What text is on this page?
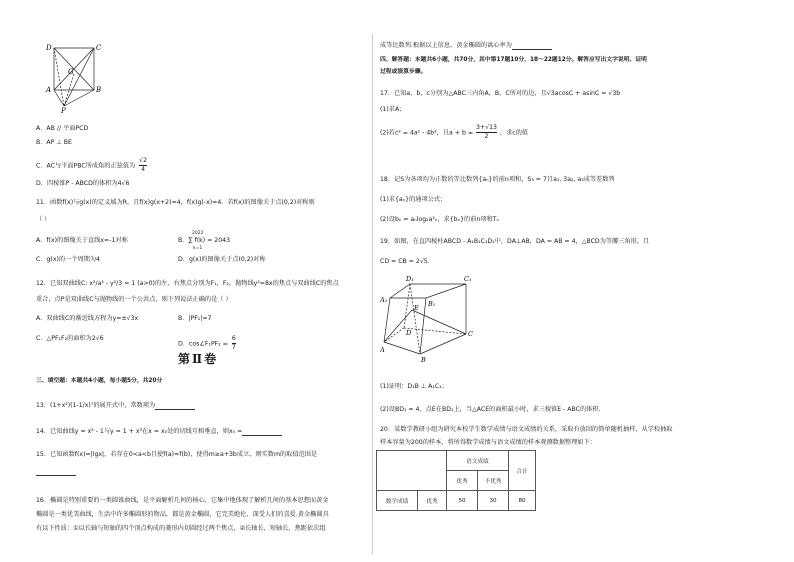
D	C
G
A	B
P
A．AB // 平面PCD
B．AP ⊥ BE
C．AC与平面PBC所成角的正弦值为 $\frac{√2}{4}$
D．四棱锥P - ABCD的体积为4√6
11．函数f(x)与g(x)的定义域为R，且f(x)g(x+2)=4，f(x)g(-x)=4．若f(x)的图像关于点(0,2)对称则
（ ）
A．f(x)的图像关于直线x=-1对称	B．∑ f(k) = 2043
2022
k=1
C．g(x)的一个周期为4	D．g(x)的图像关于点(0,2)对称
12．已知双曲线C: x²/a² - y²/3 = 1 (a>0)的左、右焦点分别为F₁，F₂，抛物线y²=8x的焦点与双曲线C的焦点
重合，点P是双曲线C与抛物线的一个公共点，则下列说法正确的是（ ）
A．双曲线C的渐近线方程为y=±√3x	B．|PF₁|=7
C．△PF₁F₂的面积为2√6
D．cos∠F₁PF₂ = $\frac{6}{7}$
第Ⅱ卷
三、填空题：本题共4小题，每小题5分，共20分
13．(1+x²)(1-1/x)⁷的展开式中，常数项为
14．已知曲线y = x² - 1与y = 1 + x³在x = x₀处的切线互相垂直，则x₀ =
15．已知函数f(x)=|lgx|，若存在0<a<b且使f(a)=f(b)，使得m≥a+3b成立，则实数m的取值范围是
16．椭圆是特别重要的一类圆锥曲线，是平面解析几何的核心，它集中地体现了解析几何的基本思想而黄金
椭圆是一类优美曲线，生活中许多椭圆形的物品，都是黄金椭圆，它完美绝伦，深受人们的喜爱.黄金椭圆具
有以下性质：①以长轴与短轴的四个顶点构成的菱形内切圆经过两个焦点，②长轴长，短轴长，焦距依次组
成等比数列.根据以上信息，黄金椭圆的离心率为
四、解答题：本题共6小题，共70分，其中第17题10分，18～22题12分。解答应写出文字说明、证明
过程或演算步骤。
17．已知a，b，c分别为△ABC三内角A，B，C所对的边，且√3acosC + asinC = √3b
(1)求A；
(2)若c² = 4a² - 4b²，且$a + b = \frac{3+√13}{2}$ ，求c的值
18．记S为各项均为正数的等比数列{aₙ}的前n项和，S₃ = 7且a₁, 3a₂, a₃成等差数列
(1)求{aₙ}的通项公式；
(2)设bₙ = aₙlog₂a²ₙ，求{bₙ}的前n项和Tₙ
19．如图，在直四棱柱ABCD - A₁B₁C₁D₁中，DA⊥AB，DA = AB = 4，△BCD为等腰三角形，且
CD = CB = 2√5．
D₁	C₁
A₁	B₁
E
D	C
A
B
(1)证明：D₁B ⊥ A₁C₁；
(2)设BD₁ = 4，点E在BD₁上，当△ACE的面积最小时，求三棱锥E - ABC的体积．
20．某数学教研小组为研究本校学生数学成绩与语文成绩的关系，采取有放回的简单随机抽样，从学校抽取
样本容量为200的样本，将所得数学成绩与语文成绩的样本观测数据整理如下：
		语文成绩		合计
		优秀	不优秀	
数学成绩	优秀	50	30	80
